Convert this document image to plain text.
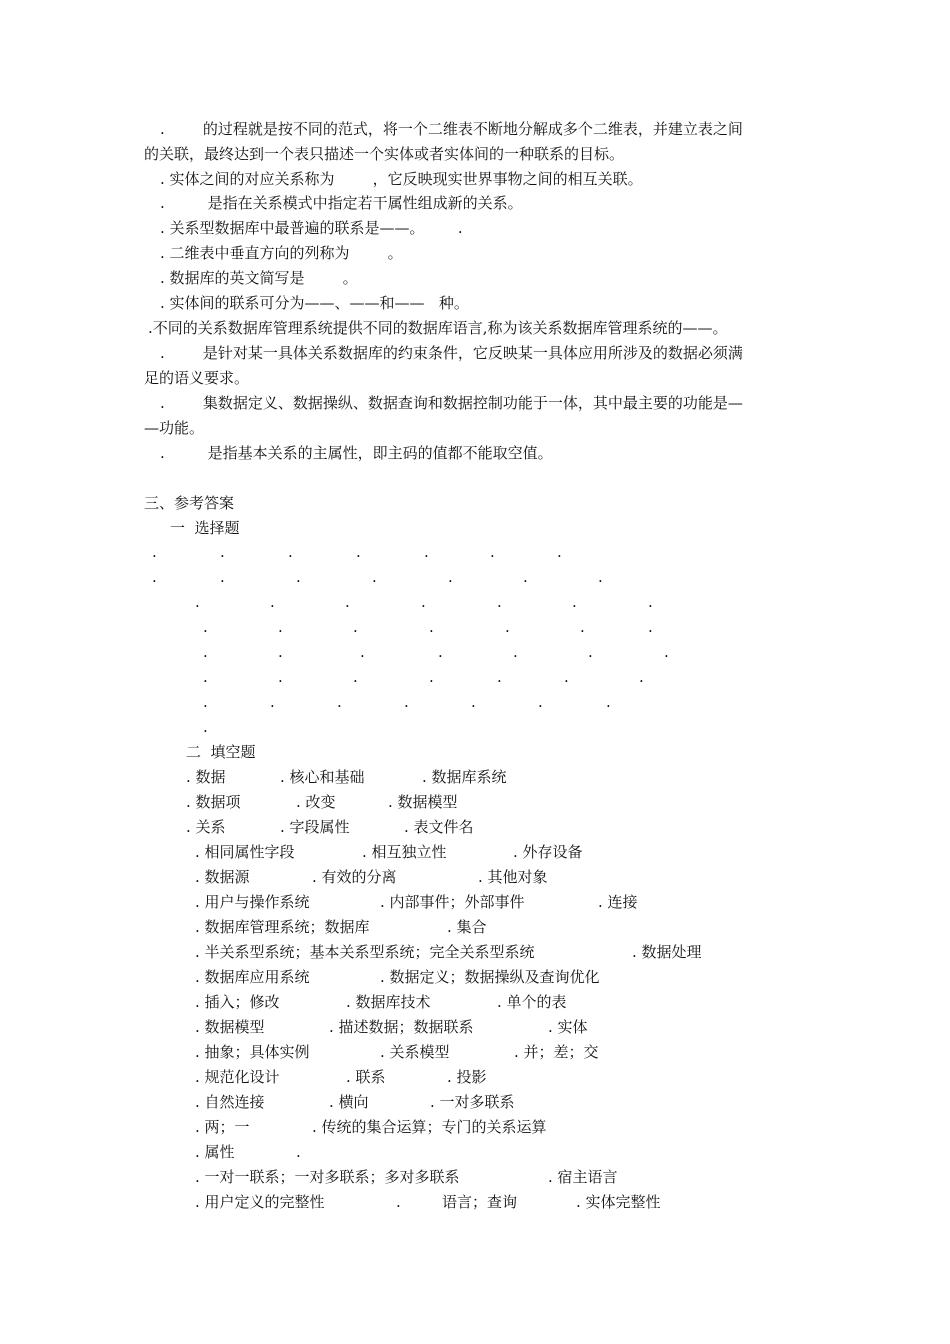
.        的过程就是按不同的范式，将一个二维表不断地分解成多个二维表，并建立表之间
的关联，最终达到一个表只描述一个实体或者实体间的一种联系的目标。
. 实体之间的对应关系称为        ，它反映现实世界事物之间的相互关联。
.         是指在关系模式中指定若干属性组成新的关系。
. 关系型数据库中最普遍的联系是——。       .
. 二维表中垂直方向的列称为        。
. 数据库的英文简写是        。
. 实体间的联系可分为——、——和——   种。
.不同的关系数据库管理系统提供不同的数据库语言,称为该关系数据库管理系统的——。
.        是针对某一具体关系数据库的约束条件，它反映某一具体应用所涉及的数据必须满
足的语义要求。
.        集数据定义、数据操纵、数据查询和数据控制功能于一体，其中最主要的功能是—
—功能。
.         是指基本关系的主属性，即主码的值都不能取空值。
三、参考答案
一  选择题
.	.	.	.	.	.	.
.	.	.	.	.	.	.
.	.	.	.	.	.	.
.	.	.	.	.	.	.
.	.	.	.	.	.	.
.	.	.	.	.	.	.
.	.	.	.	.	.	.
.
二  填空题
. 数据	. 核心和基础	. 数据库系统
. 数据项	. 改变	. 数据模型
. 关系	. 字段属性	. 表文件名
. 相同属性字段	. 相互独立性	. 外存设备
. 数据源	. 有效的分离	. 其他对象
. 用户与操作系统	. 内部事件；外部事件	. 连接
. 数据库管理系统；数据库	. 集合
. 半关系型系统；基本关系型系统；完全关系型系统	. 数据处理
. 数据库应用系统	. 数据定义；数据操纵及查询优化
. 插入；修改	. 数据库技术	. 单个的表
. 数据模型	. 描述数据；数据联系	. 实体
. 抽象；具体实例	. 关系模型	. 并；差；交
. 规范化设计	. 联系	. 投影
. 自然连接	. 横向	. 一对多联系
. 两；一	. 传统的集合运算；专门的关系运算
. 属性	.
. 一对一联系；一对多联系；多对多联系	. 宿主语言
. 用户定义的完整性	.	语言；查询	. 实体完整性
